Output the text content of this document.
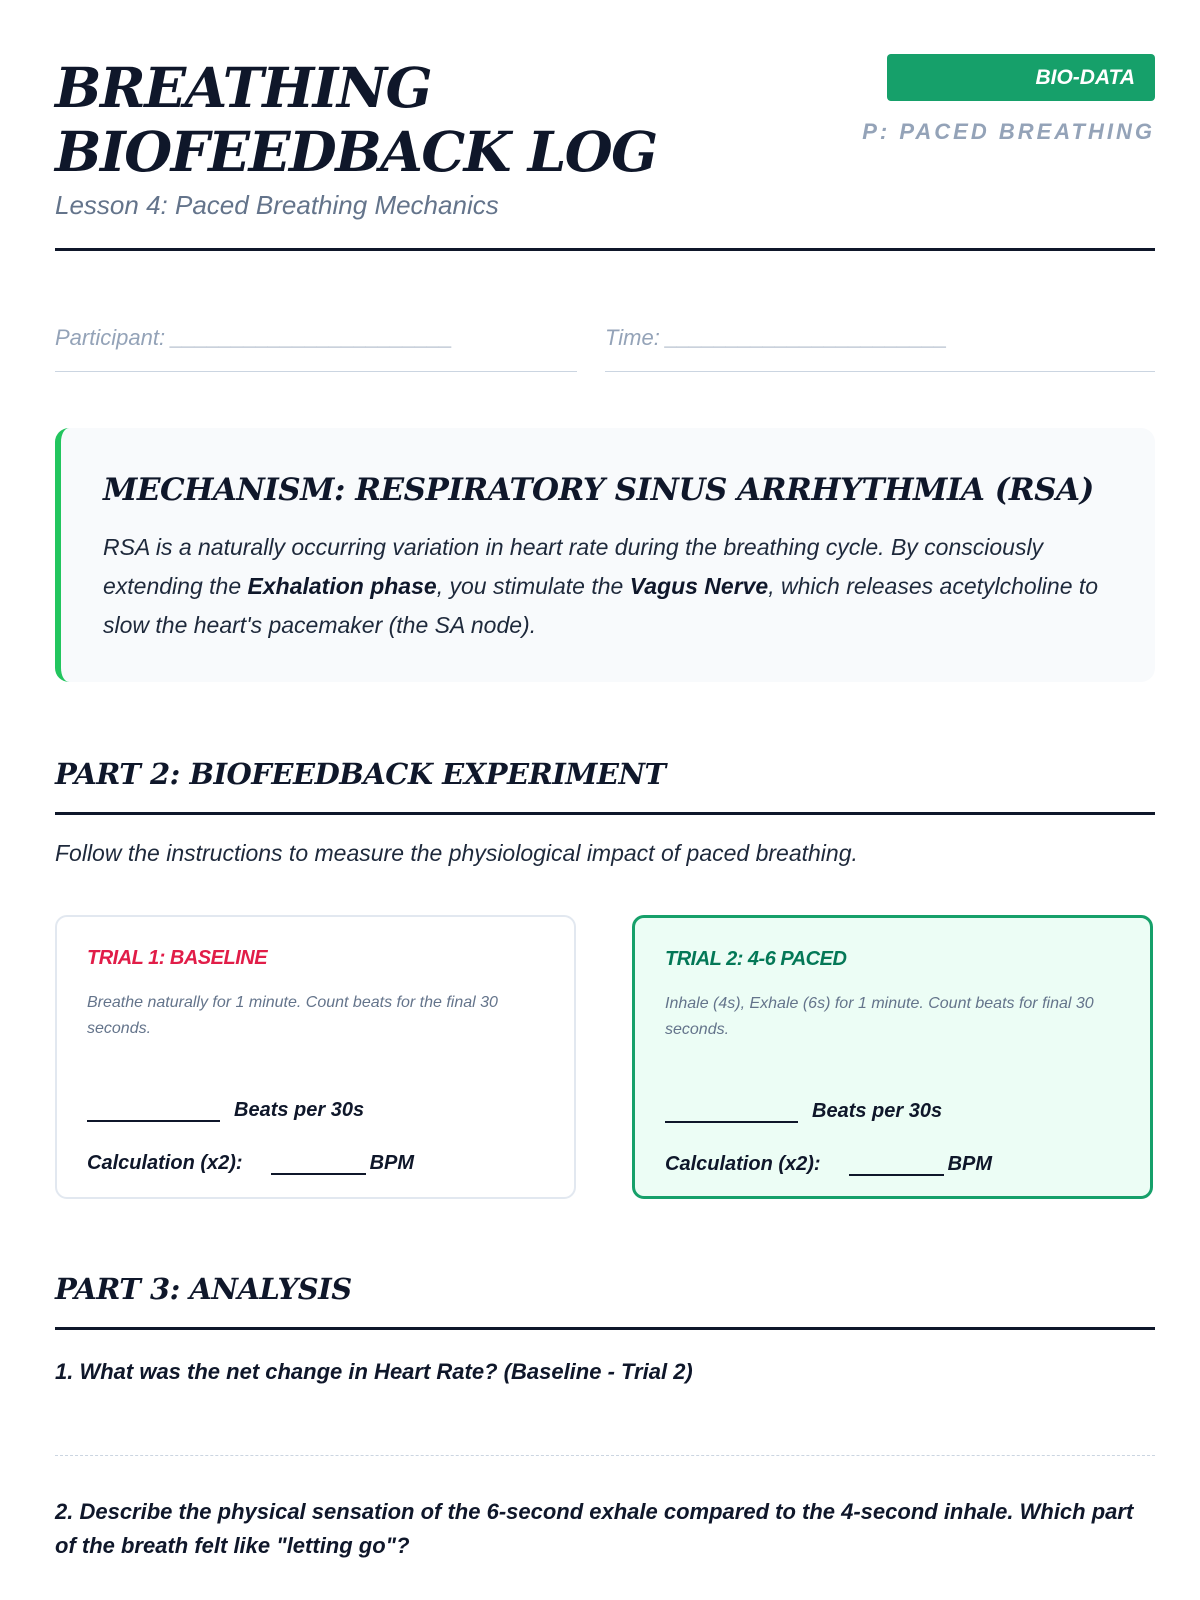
BREATHING BIOFEEDBACK LOG

Lesson 4: Paced Breathing Mechanics

BIO-DATA
P: PACED BREATHING
Participant: _______________________	Time: _______________________
MECHANISM: RESPIRATORY SINUS ARRHYTHMIA (RSA)

RSA is a naturally occurring variation in heart rate during the breathing cycle. By consciously extending the Exhalation phase, you stimulate the Vagus Nerve, which releases acetylcholine to slow the heart's pacemaker (the SA node).

PART 2: BIOFEEDBACK EXPERIMENT

Follow the instructions to measure the physiological impact of paced breathing.

TRIAL 1: BASELINE

Breathe naturally for 1 minute. Count beats for the final 30 seconds.

Beats per 30s
Calculation (x2):	BPM

TRIAL 2: 4-6 PACED

Inhale (4s), Exhale (6s) for 1 minute. Count beats for final 30 seconds.

Beats per 30s
Calculation (x2):	BPM
PART 3: ANALYSIS

1. What was the net change in Heart Rate? (Baseline - Trial 2)

2. Describe the physical sensation of the 6-second exhale compared to the 4-second inhale. Which part of the breath felt like "letting go"?
